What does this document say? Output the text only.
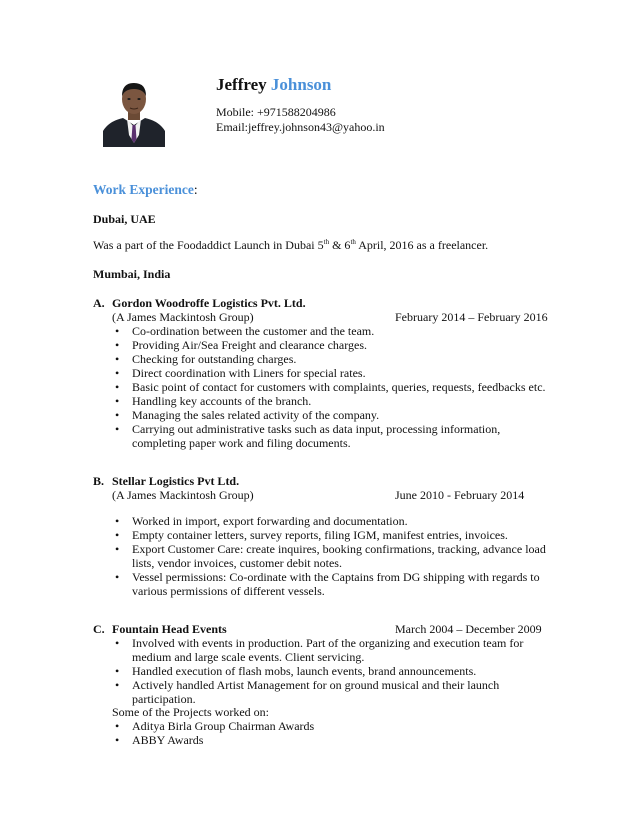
Jeffrey Johnson
Mobile: +971588204986
Email:jeffrey.johnson43@yahoo.in
Work Experience:
Dubai, UAE
Was a part of the Foodaddict Launch in Dubai 5th & 6th April, 2016 as a freelancer.
Mumbai, India
A. Gordon Woodroffe Logistics Pvt. Ltd.
(A James Mackintosh Group)	February 2014 – February 2016
• Co-ordination between the customer and the team.
• Providing Air/Sea Freight and clearance charges.
• Checking for outstanding charges.
• Direct coordination with Liners for special rates.
• Basic point of contact for customers with complaints, queries, requests, feedbacks etc.
• Handling key accounts of the branch.
• Managing the sales related activity of the company.
• Carrying out administrative tasks such as data input, processing information, completing paper work and filing documents.
B. Stellar Logistics Pvt Ltd.
(A James Mackintosh Group)	June 2010 - February 2014
• Worked in import, export forwarding and documentation.
• Empty container letters, survey reports, filing IGM, manifest entries, invoices.
• Export Customer Care: create inquires, booking confirmations, tracking, advance load lists, vendor invoices, customer debit notes.
• Vessel permissions: Co-ordinate with the Captains from DG shipping with regards to various permissions of different vessels.
C. Fountain Head Events	March 2004 – December 2009
• Involved with events in production. Part of the organizing and execution team for medium and large scale events. Client servicing.
• Handled execution of flash mobs, launch events, brand announcements.
• Actively handled Artist Management for on ground musical and their launch participation.
Some of the Projects worked on:
• Aditya Birla Group Chairman Awards
• ABBY Awards
